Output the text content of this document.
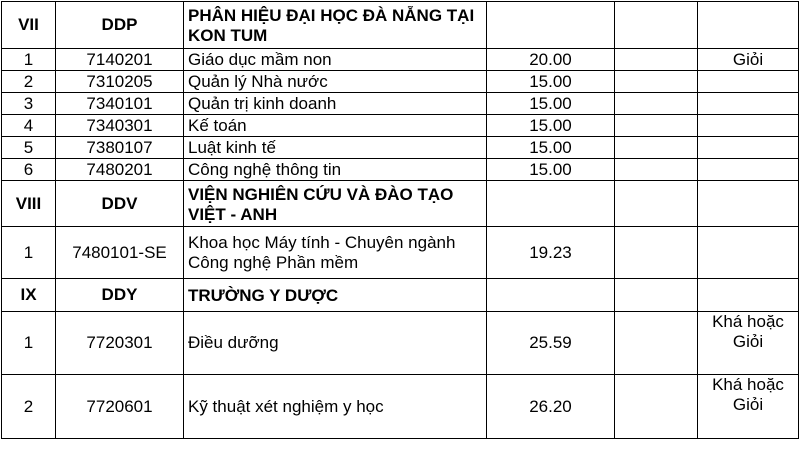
VII	DDP	PHÂN HIỆU ĐẠI HỌC ĐÀ NẴNG TẠI KON TUM			
1	7140201	Giáo dục mầm non	20.00		Giỏi
2	7310205	Quản lý Nhà nước	15.00		
3	7340101	Quản trị kinh doanh	15.00		
4	7340301	Kế toán	15.00		
5	7380107	Luật kinh tế	15.00		
6	7480201	Công nghệ thông tin	15.00		
VIII	DDV	VIỆN NGHIÊN CỨU VÀ ĐÀO TẠO VIỆT - ANH			
1	7480101-SE	Khoa học Máy tính - Chuyên ngành Công nghệ Phần mềm	19.23		
IX	DDY	TRƯỜNG Y DƯỢC			
1	7720301	Điều dưỡng	25.59		Khá hoặc Giỏi
2	7720601	Kỹ thuật xét nghiệm y học	26.20		Khá hoặc Giỏi
